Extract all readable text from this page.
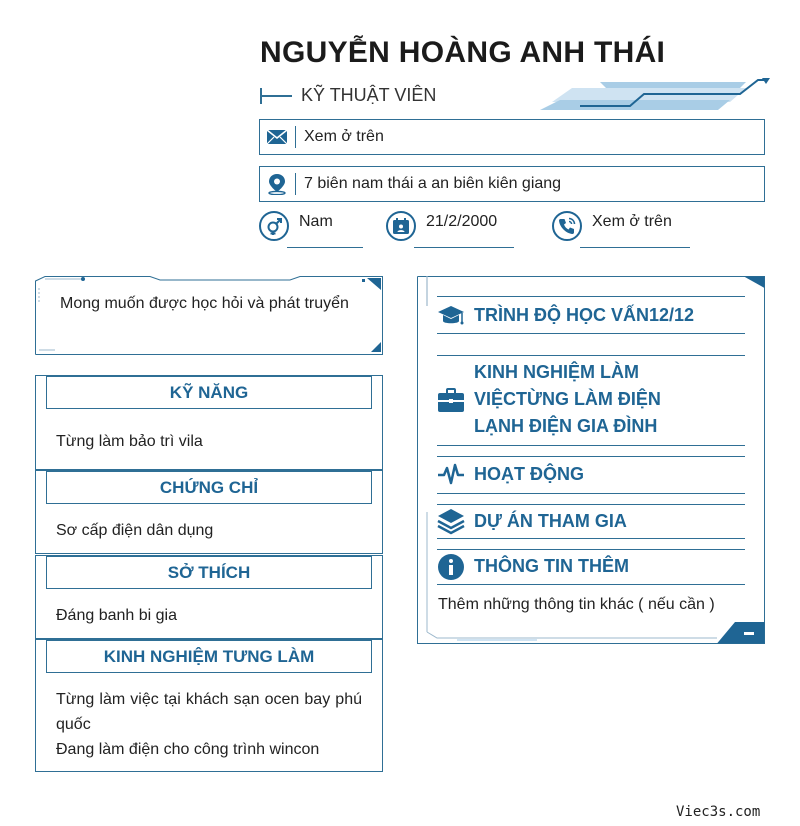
NGUYỄN HOÀNG ANH THÁI
KỸ THUẬT VIÊN
Xem ở trên
7 biên nam thái a an biên kiên giang
Nam	21/2/2000	Xem ở trên
Mong muốn được học hỏi và phát truyển
KỸ NĂNG
Từng làm bảo trì vila
CHỨNG CHỈ
Sơ cấp điện dân dụng
SỞ THÍCH
Đáng banh bi gia
KINH NGHIỆM TƯNG LÀM
Từng làm việc tại khách sạn ocen bay phú quốc
Đang làm điện cho công trình wincon
TRÌNH ĐỘ HỌC VẤN12/12
KINH NGHIỆM LÀM
VIỆCTỪNG LÀM ĐIỆN
LẠNH ĐIỆN GIA ĐÌNH
HOẠT ĐỘNG
DỰ ÁN THAM GIA
THÔNG TIN THÊM
Thêm những thông tin khác ( nếu cần )
Viec3s.com
